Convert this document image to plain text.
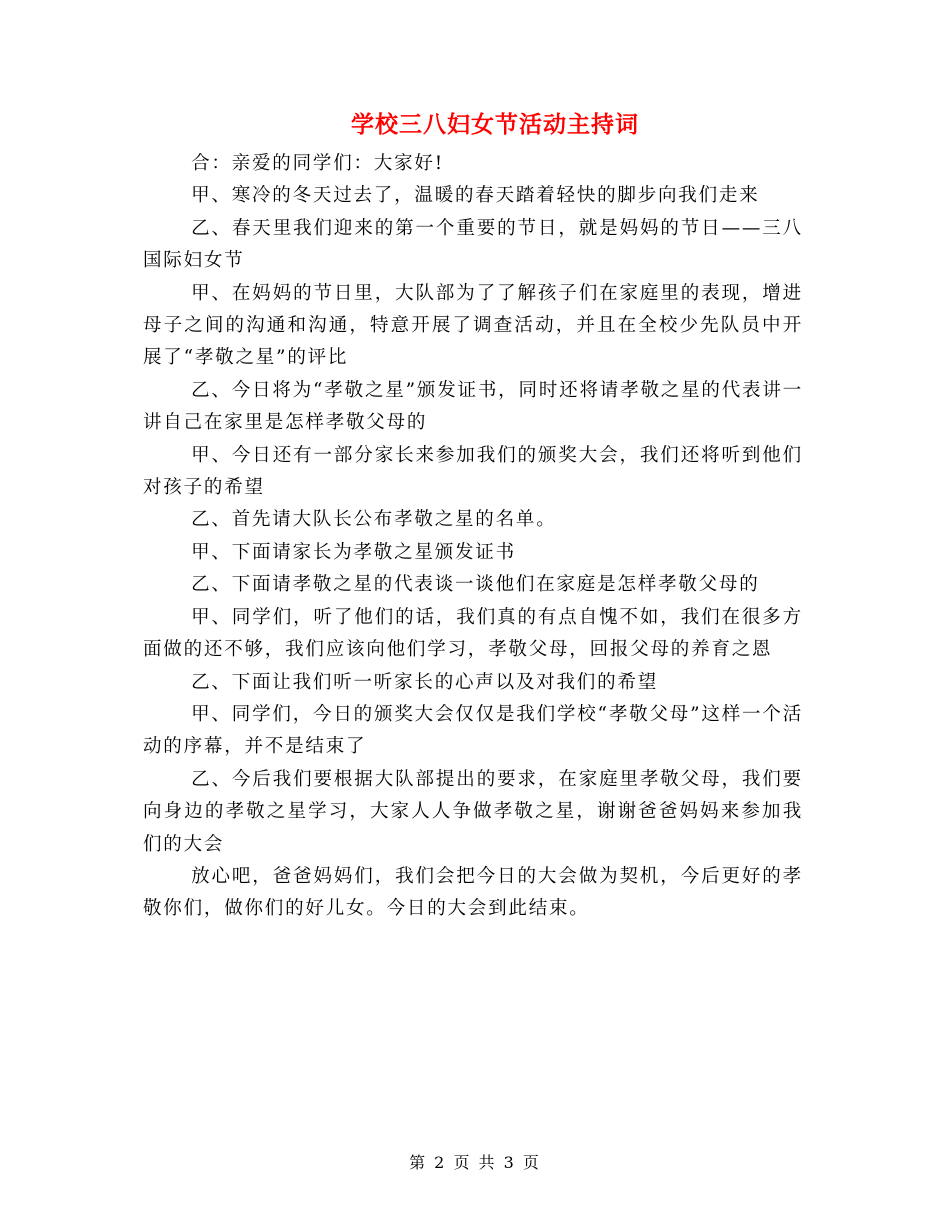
学校三八妇女节活动主持词

合：亲爱的同学们：大家好!

甲、寒冷的冬天过去了，温暖的春天踏着轻快的脚步向我们走来

乙、春天里我们迎来的第一个重要的节日，就是妈妈的节日——三八国际妇女节

甲、在妈妈的节日里，大队部为了了解孩子们在家庭里的表现，增进母子之间的沟通和沟通，特意开展了调查活动，并且在全校少先队员中开展了“孝敬之星”的评比

乙、今日将为“孝敬之星”颁发证书，同时还将请孝敬之星的代表讲一讲自己在家里是怎样孝敬父母的

甲、今日还有一部分家长来参加我们的颁奖大会，我们还将听到他们对孩子的希望

乙、首先请大队长公布孝敬之星的名单。

甲、下面请家长为孝敬之星颁发证书

乙、下面请孝敬之星的代表谈一谈他们在家庭是怎样孝敬父母的

甲、同学们，听了他们的话，我们真的有点自愧不如，我们在很多方面做的还不够，我们应该向他们学习，孝敬父母，回报父母的养育之恩

乙、下面让我们听一听家长的心声以及对我们的希望

甲、同学们，今日的颁奖大会仅仅是我们学校“孝敬父母”这样一个活动的序幕，并不是结束了

乙、今后我们要根据大队部提出的要求，在家庭里孝敬父母，我们要向身边的孝敬之星学习，大家人人争做孝敬之星，谢谢爸爸妈妈来参加我们的大会

放心吧，爸爸妈妈们，我们会把今日的大会做为契机，今后更好的孝敬你们，做你们的好儿女。今日的大会到此结束。

第 2 页 共 3 页
